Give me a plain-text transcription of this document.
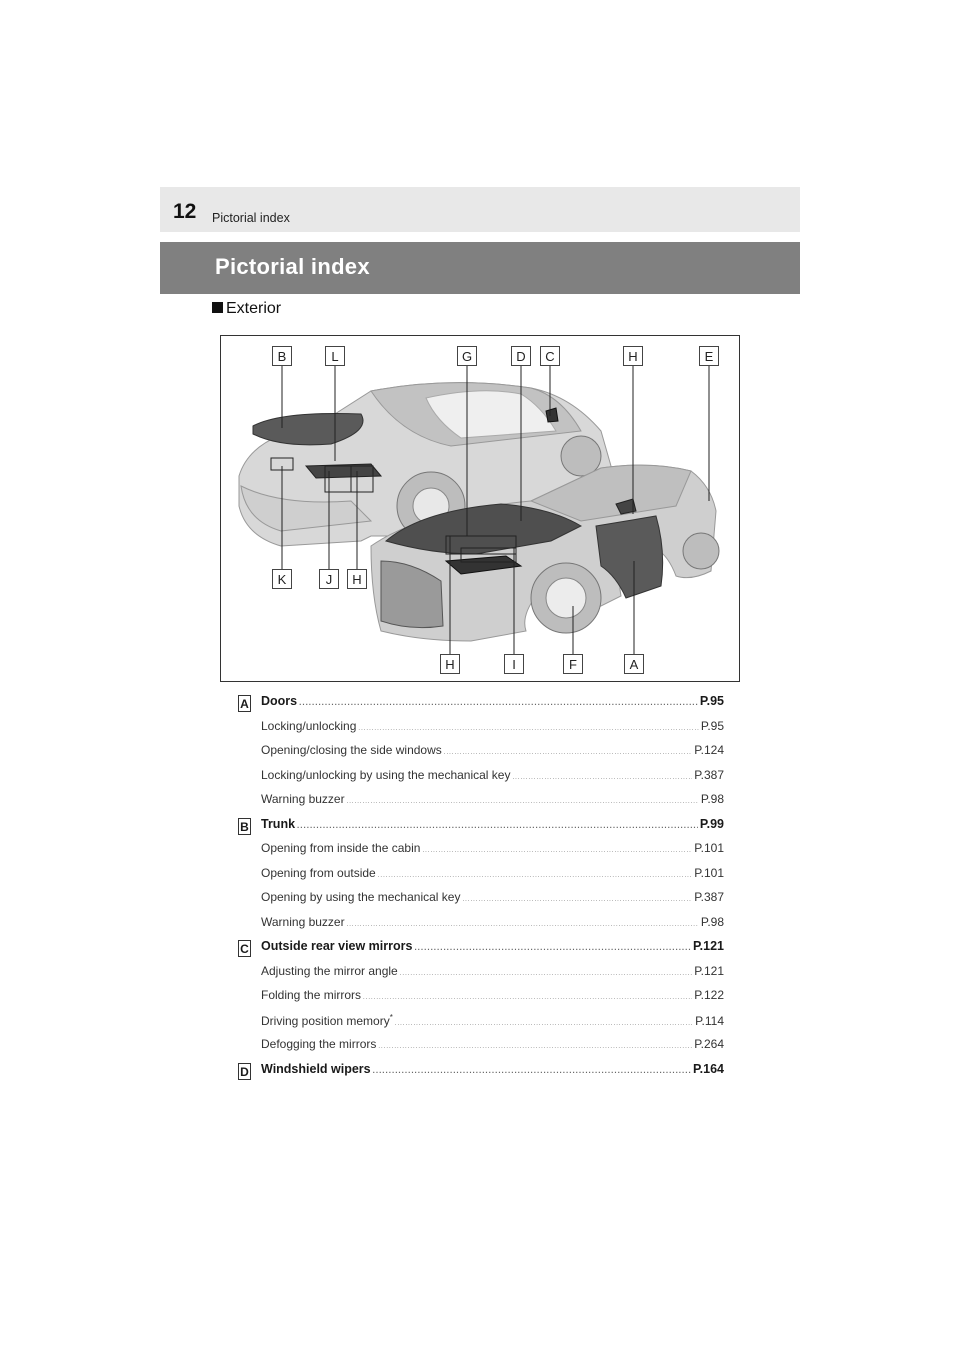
12 Pictorial index
Pictorial index
Exterior
B	L	G	D	C	H	E
K	J	H
H	I	F	A
A Doors .....	P.95
Locking/unlocking .....	P.95
Opening/closing the side windows .....	P.124
Locking/unlocking by using the mechanical key .....	P.387
Warning buzzer .....	P.98
B Trunk .....	P.99
Opening from inside the cabin .....	P.101
Opening from outside .....	P.101
Opening by using the mechanical key .....	P.387
Warning buzzer .....	P.98
C Outside rear view mirrors .....	P.121
Adjusting the mirror angle .....	P.121
Folding the mirrors .....	P.122
Driving position memory* .....	P.114
Defogging the mirrors .....	P.264
D Windshield wipers .....	P.164
